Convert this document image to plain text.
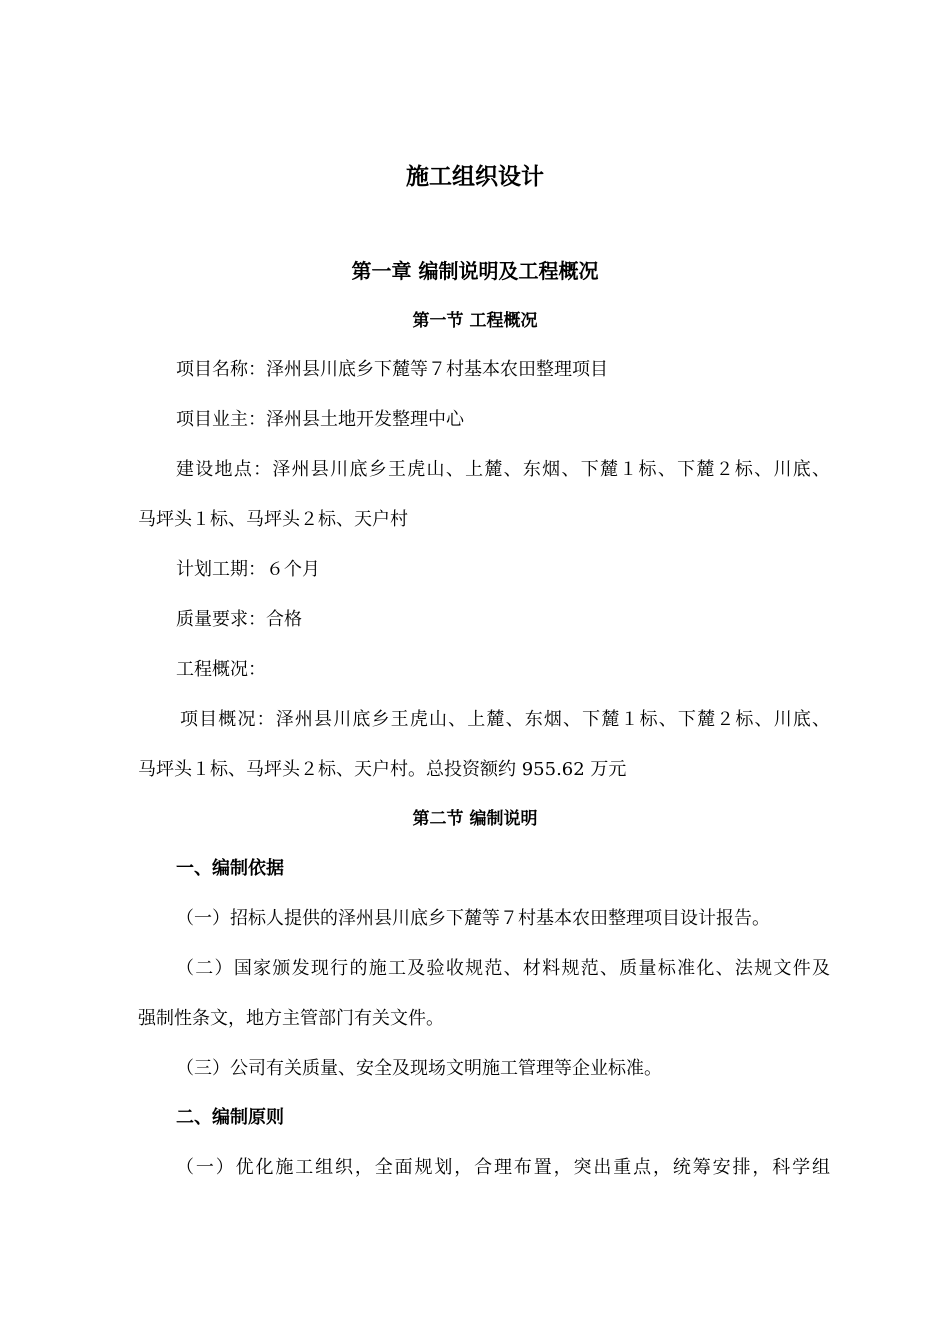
施工组织设计
第一章 编制说明及工程概况
第一节 工程概况
项目名称：泽州县川底乡下麓等７村基本农田整理项目
项目业主：泽州县土地开发整理中心
建设地点：泽州县川底乡王虎山、上麓、东烟、下麓１标、下麓２标、川底、
马坪头１标、马坪头２标、天户村
计划工期：６个月
质量要求：合格
工程概况：
项目概况：泽州县川底乡王虎山、上麓、东烟、下麓１标、下麓２标、川底、
马坪头１标、马坪头２标、天户村。总投资额约 955.62 万元
第二节 编制说明
一、编制依据
（一）招标人提供的泽州县川底乡下麓等７村基本农田整理项目设计报告。
（二）国家颁发现行的施工及验收规范、材料规范、质量标准化、法规文件及
强制性条文，地方主管部门有关文件。
（三）公司有关质量、安全及现场文明施工管理等企业标准。
二、编制原则
（一）优化施工组织，全面规划，合理布置，突出重点，统筹安排，科学组
